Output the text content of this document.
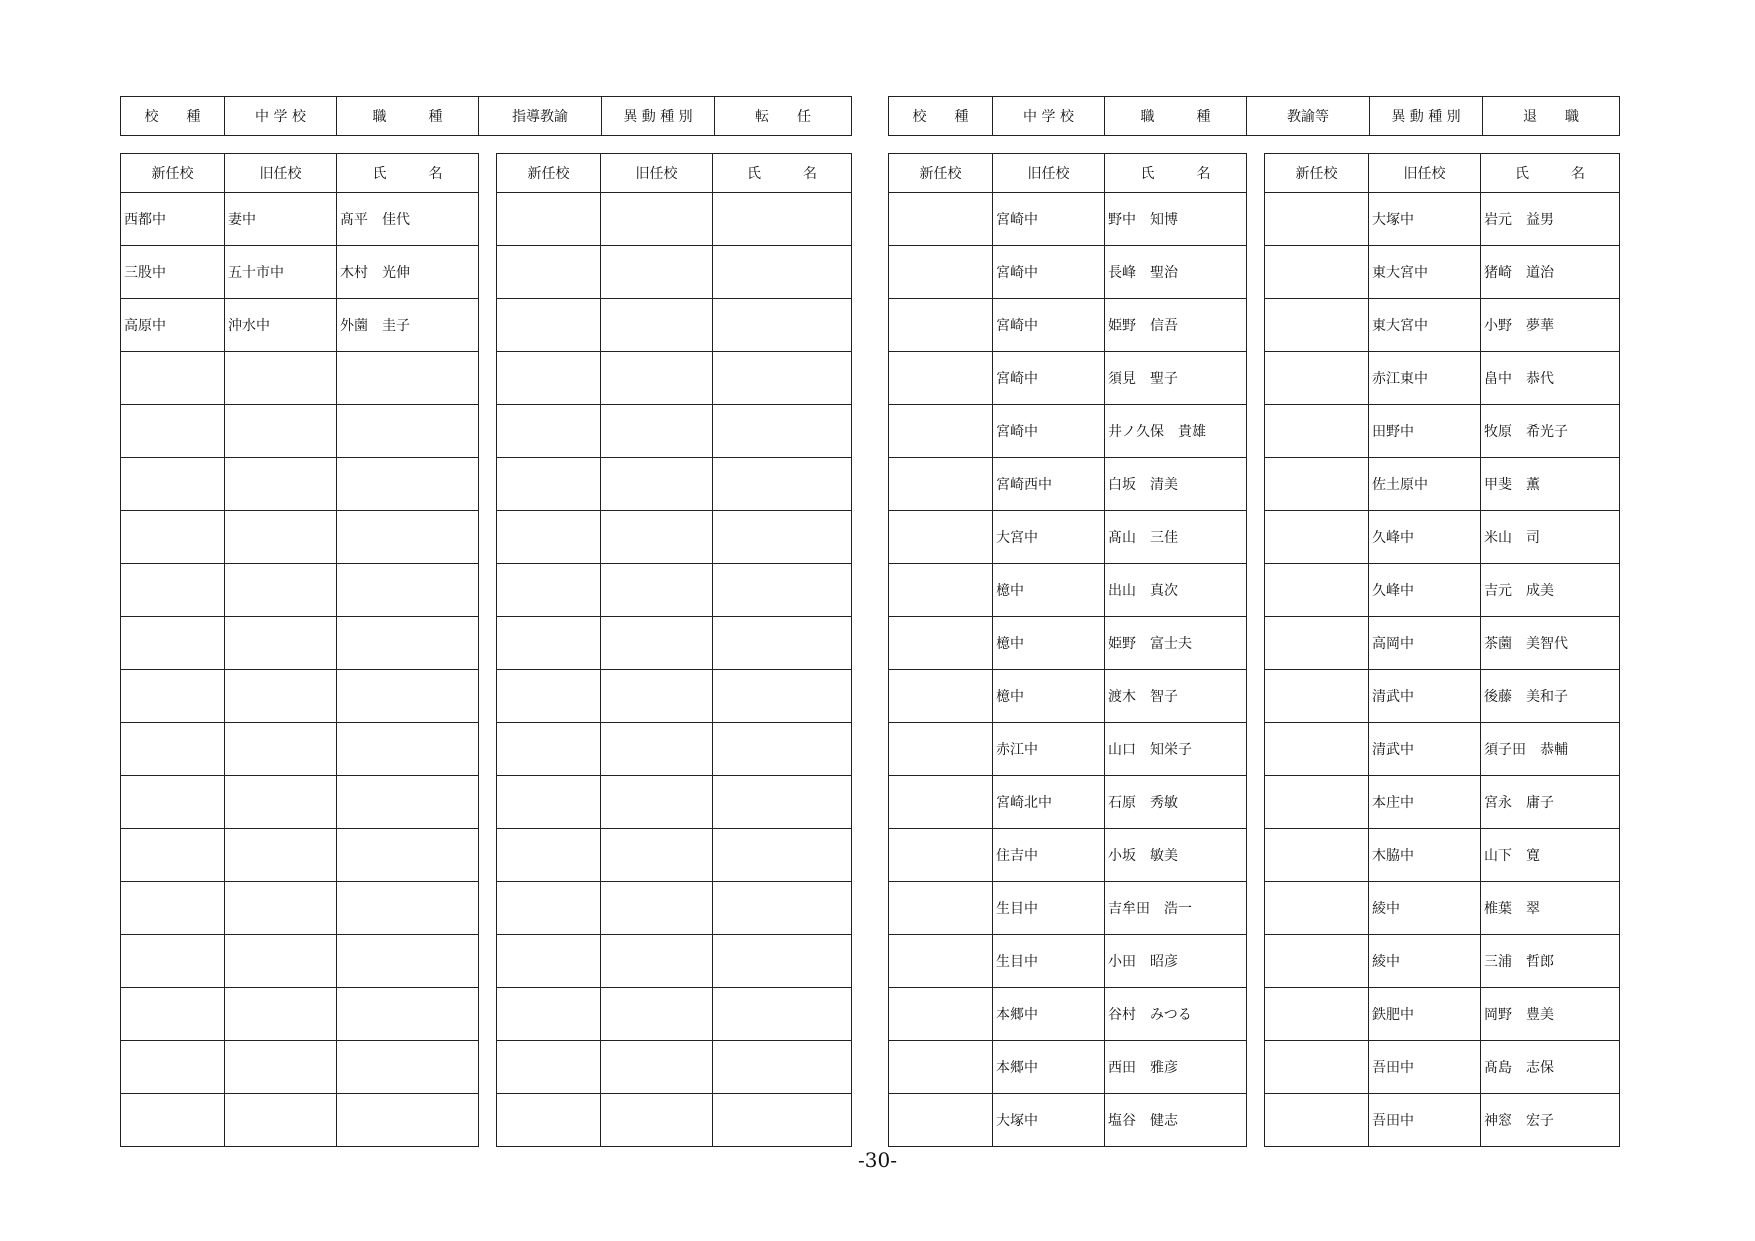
校　　種	中 学 校	職　　　種	指導教諭	異 動 種 別	転　　任	校　　種	中 学 校	職　　　種	教諭等	異 動 種 別	退　　職
新任校	旧任校	氏　　　名
西都中	妻中	髙平　佳代
三股中	五十市中	木村　光伸
高原中	沖水中	外薗　圭子

新任校	旧任校	氏　　　名

			新任校	旧任校	氏　　　名
	宮崎中	野中　知博
	宮崎中	長峰　聖治
	宮崎中	姫野　信吾
	宮崎中	須見　聖子
	宮崎中	井ノ久保　貴雄
	宮崎西中	白坂　清美
	大宮中	髙山　三佳
	檍中	出山　真次
	檍中	姫野　富士夫
	檍中	渡木　智子
	赤江中	山口　知栄子
	宮崎北中	石原　秀敏
	住吉中	小坂　敏美
	生目中	吉牟田　浩一
	生目中	小田　昭彦
	本郷中	谷村　みつる
	本郷中	西田　雅彦
	大塚中	塩谷　健志
新任校	旧任校	氏　　　名
	大塚中	岩元　益男
	東大宮中	猪崎　道治
	東大宮中	小野　夢華
	赤江東中	畠中　恭代
	田野中	牧原　希光子
	佐土原中	甲斐　薫
	久峰中	米山　司
	久峰中	吉元　成美
	高岡中	茶薗　美智代
	清武中	後藤　美和子
	清武中	須子田　恭輔
	本庄中	宮永　庸子
	木脇中	山下　寛
	綾中	椎葉　翠
	綾中	三浦　哲郎
	鉄肥中	岡野　豊美
	吾田中	髙島　志保
	吾田中	神窓　宏子
-30-
